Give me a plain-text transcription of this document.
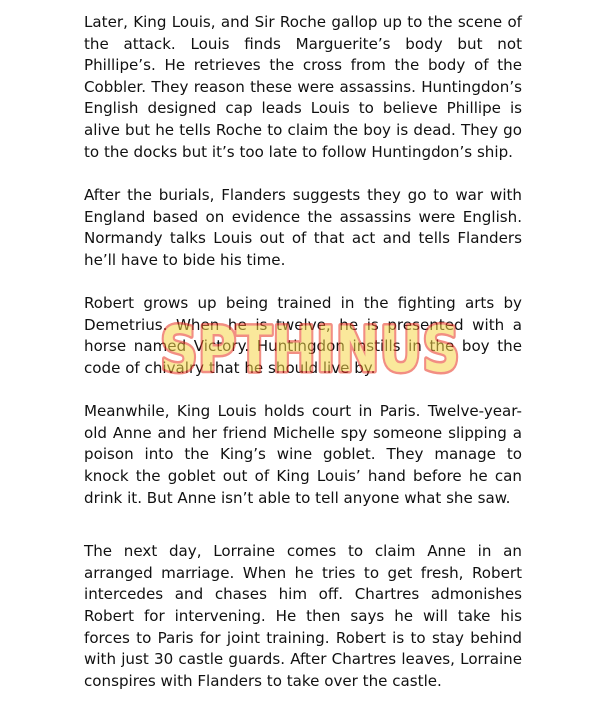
Later, King Louis, and Sir Roche gallop up to the scene of the attack. Louis finds Marguerite’s body but not Phillipe’s. He retrieves the cross from the body of the Cobbler. They reason these were assassins. Huntingdon’s English designed cap leads Louis to believe Phillipe is alive but he tells Roche to claim the boy is dead. They go to the docks but it’s too late to follow Huntingdon’s ship.

After the burials, Flanders suggests they go to war with England based on evidence the assassins were English. Normandy talks Louis out of that act and tells Flanders he’ll have to bide his time.

Robert grows up being trained in the fighting arts by Demetrius. When he is twelve, he is presented with a horse named Victory. Huntingdon instills in the boy the code of chivalry that he should live by.

Meanwhile, King Louis holds court in Paris. Twelve-year-old Anne and her friend Michelle spy someone slipping a poison into the King’s wine goblet. They manage to knock the goblet out of King Louis’ hand before he can drink it. But Anne isn’t able to tell anyone what she saw.

The next day, Lorraine comes to claim Anne in an arranged marriage. When he tries to get fresh, Robert intercedes and chases him off. Chartres admonishes Robert for intervening. He then says he will take his forces to Paris for joint training. Robert is to stay behind with just 30 castle guards. After Chartres leaves, Lorraine conspires with Flanders to take over the castle.

SPTHINUS
